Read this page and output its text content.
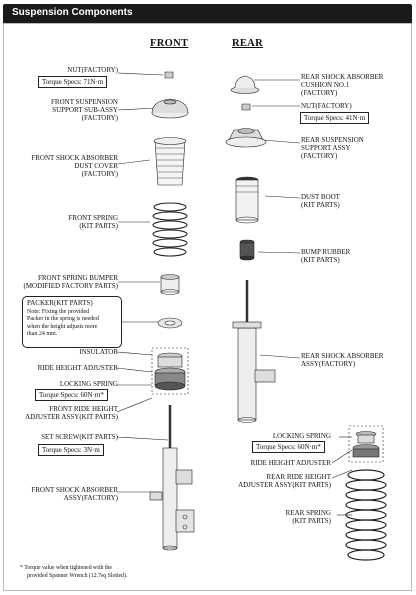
Suspension Components
FRONT	REAR
NUT(FACTORY)
Torque Specs: 71N·m
FRONT SUSPENSION
SUPPORT SUB-ASSY
(FACTORY)
FRONT SHOCK ABSORBER
DUST COVER
(FACTORY)
FRONT SPRING
(KIT PARTS)
FRONT SPRING BUMPER
(MODIFIED FACTORY PARTS)
PACKER(KIT PARTS)
Note: Fixing the provided
Packer in the spring is needed
when the height adjusts more
than 24 mm.
INSULATOR
RIDE HEIGHT ADJUSTER
LOCKING SPRING
Torque Specs: 60N·m*
FRONT RIDE HEIGHT
ADJUSTER ASSY(KIT PARTS)
SET SCREW(KIT PARTS)
Torque Specs: 3N·m
FRONT SHOCK ABSORBER
ASSY(FACTORY)
REAR SHOCK ABSORBER
CUSHION NO.1
(FACTORY)
NUT(FACTORY)
Torque Specs: 41N·m
REAR SUSPENSION
SUPPORT ASSY
(FACTORY)
DUST BOOT
(KIT PARTS)
BUMP RUBBER
(KIT PARTS)
REAR SHOCK ABSORBER
ASSY(FACTORY)
LOCKING SPRING
Torque Specs: 60N·m*
RIDE HEIGHT ADJUSTER
REAR RIDE HEIGHT
ADJUSTER ASSY(KIT PARTS)
REAR SPRING
(KIT PARTS)
* Torque value when tightened with the
provided Spanner Wrench (12.7sq Slotted).
